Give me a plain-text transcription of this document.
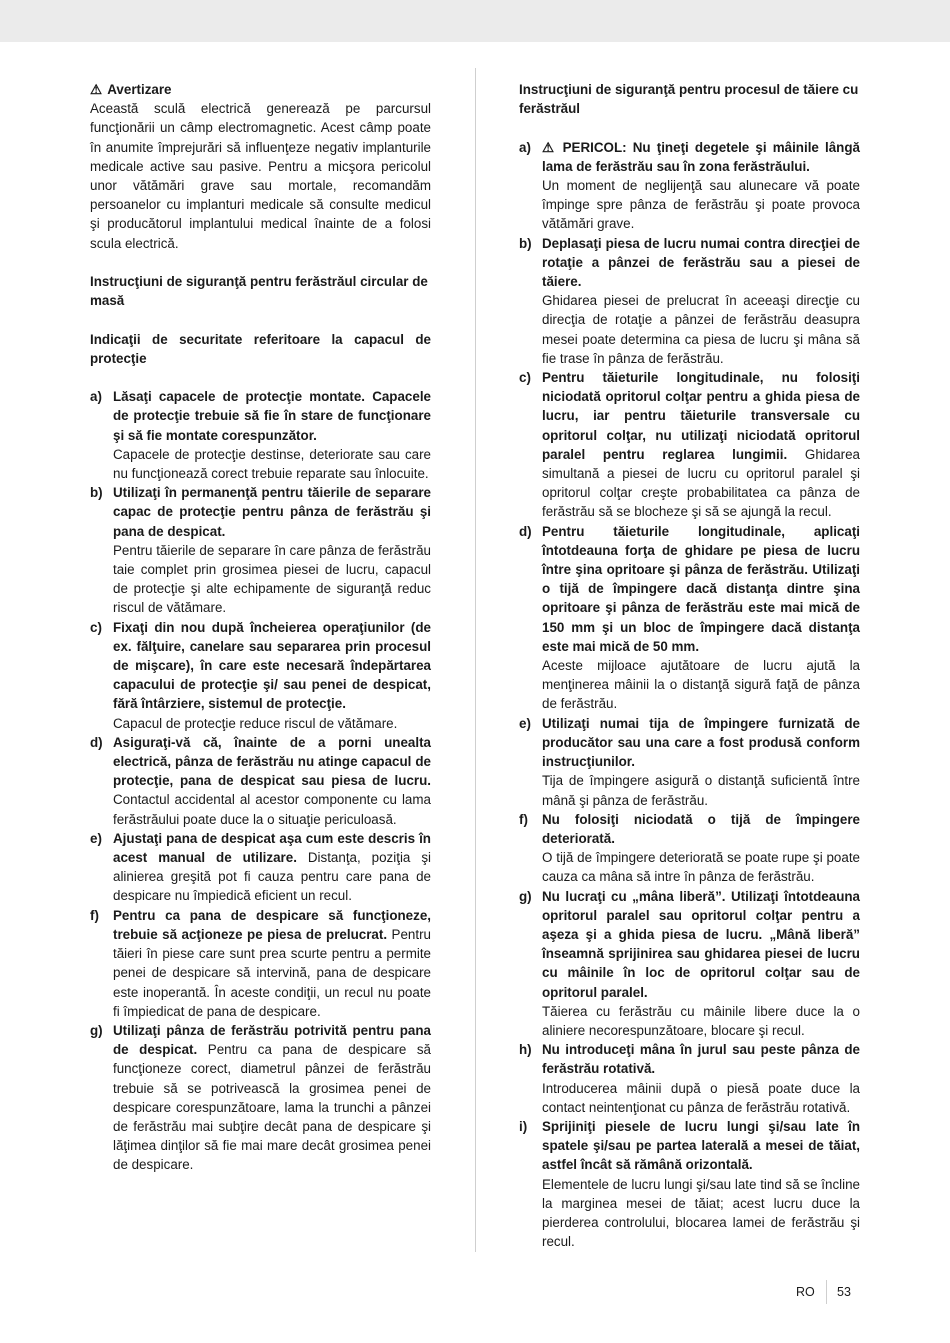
⚠ Avertizare

Această sculă electrică generează pe parcursul funcţionării un câmp electromagnetic. Acest câmp poate în anumite împrejurări să influenţeze negativ implanturile medicale active sau pasive. Pentru a micşora pericolul unor vătămări grave sau mortale, recomandăm persoanelor cu implanturi medicale să consulte medicul şi producătorul implantului medical înainte de a folosi scula electrică.

Instrucţiuni de siguranţă pentru ferăstrăul circular de masă

Indicaţii de securitate referitoare la capacul de protecţie

a) Lăsaţi capacele de protecţie montate. Capacele de protecţie trebuie să fie în stare de funcţionare şi să fie montate corespunzător.
Capacele de protecţie destinse, deteriorate sau care nu funcţionează corect trebuie reparate sau înlocuite.
b) Utilizaţi în permanenţă pentru tăierile de separare capac de protecţie pentru pânza de ferăstrău şi pana de despicat.
Pentru tăierile de separare în care pânza de ferăstrău taie complet prin grosimea piesei de lucru, capacul de protecţie şi alte echipamente de siguranţă reduc riscul de vătămare.
c) Fixaţi din nou după încheierea operaţiunilor (de ex. fălţuire, canelare sau separarea prin procesul de mişcare), în care este necesară îndepărtarea capacului de protecţie şi/ sau penei de despicat, fără întârziere, sistemul de protecţie.
Capacul de protecţie reduce riscul de vătămare.
d) Asiguraţi-vă că, înainte de a porni unealta electrică, pânza de ferăstrău nu atinge capacul de protecţie, pana de despicat sau piesa de lucru. Contactul accidental al acestor componente cu lama ferăstrăului poate duce la o situaţie periculoasă.
e) Ajustaţi pana de despicat aşa cum este descris în acest manual de utilizare. Distanţa, poziţia şi alinierea greşită pot fi cauza pentru care pana de despicare nu împiedică eficient un recul.
f)	Pentru ca pana de despicare să funcţioneze, trebuie să acţioneze pe piesa de prelucrat. Pentru tăieri în piese care sunt prea scurte pentru a permite penei de despicare să intervină, pana de despicare este inoperantă. În aceste condiţii, un recul nu poate fi împiedicat de pana de despicare.
g) Utilizaţi pânza de ferăstrău potrivită pentru pana de despicat. Pentru ca pana de despicare să funcţioneze corect, diametrul pânzei de ferăstrău trebuie să se potrivească la grosimea penei de despicare corespunzătoare, lama la trunchi a pânzei de ferăstrău mai subţire decât pana de despicare şi lăţimea dinţilor să fie mai mare decât grosimea penei de despicare.

Instrucţiuni de siguranţă pentru procesul de tăiere cu ferăstrăul

a) ⚠ PERICOL: Nu ţineţi degetele şi mâinile lângă lama de ferăstrău sau în zona ferăstrăului.
Un moment de neglijenţă sau alunecare vă poate împinge spre pânza de ferăstrău şi poate provoca vătămări grave.
b) Deplasaţi piesa de lucru numai contra direcţiei de rotaţie a pânzei de ferăstrău sau a piesei de tăiere.
Ghidarea piesei de prelucrat în aceeaşi direcţie cu direcţia de rotaţie a pânzei de ferăstrău deasupra mesei poate determina ca piesa de lucru şi mâna să fie trase în pânza de ferăstrău.
c) Pentru tăieturile longitudinale, nu folosiţi niciodată opritorul colţar pentru a ghida piesa de lucru, iar pentru tăieturile transversale cu opritorul colţar, nu utilizaţi niciodată opritorul paralel pentru reglarea lungimii. Ghidarea simultană a piesei de lucru cu opritorul paralel şi opritorul colţar creşte probabilitatea ca pânza de ferăstrău să se blocheze şi să se ajungă la recul.
d) Pentru tăieturile longitudinale, aplicaţi întotdeauna forţa de ghidare pe piesa de lucru între şina opritoare şi pânza de ferăstrău. Utilizaţi o tijă de împingere dacă distanţa dintre şina opritoare şi pânza de ferăstrău este mai mică de 150 mm şi un bloc de împingere dacă distanţa este mai mică de 50 mm.
Aceste mijloace ajutătoare de lucru ajută la menţinerea mâinii la o distanţă sigură faţă de pânza de ferăstrău.
e) Utilizaţi numai tija de împingere furnizată de producător sau una care a fost produsă conform instrucţiunilor.
Tija de împingere asigură o distanţă suficientă între mână şi pânza de ferăstrău.
f)	Nu folosiţi niciodată o tijă de împingere deteriorată.
O tijă de împingere deteriorată se poate rupe şi poate cauza ca mâna să intre în pânza de ferăstrău.
g) Nu lucraţi cu „mâna liberă”. Utilizaţi întotdeauna opritorul paralel sau opritorul colţar pentru a aşeza şi a ghida piesa de lucru. „Mână liberă” înseamnă sprijinirea sau ghidarea piesei de lucru cu mâinile în loc de opritorul colţar sau de opritorul paralel.
Tăierea cu ferăstrău cu mâinile libere duce la o aliniere necorespunzătoare, blocare şi recul.
h) Nu introduceţi mâna în jurul sau peste pânza de ferăstrău rotativă.
Introducerea mâinii după o piesă poate duce la contact neintenţionat cu pânza de ferăstrău rotativă.
i)	Sprijiniţi piesele de lucru lungi şi/sau late în spatele şi/sau pe partea laterală a mesei de tăiat, astfel încât să rămână orizontală.
Elementele de lucru lungi şi/sau late tind să se încline la marginea mesei de tăiat; acest lucru duce la pierderea controlului, blocarea lamei de ferăstrău şi recul.
RO 53
